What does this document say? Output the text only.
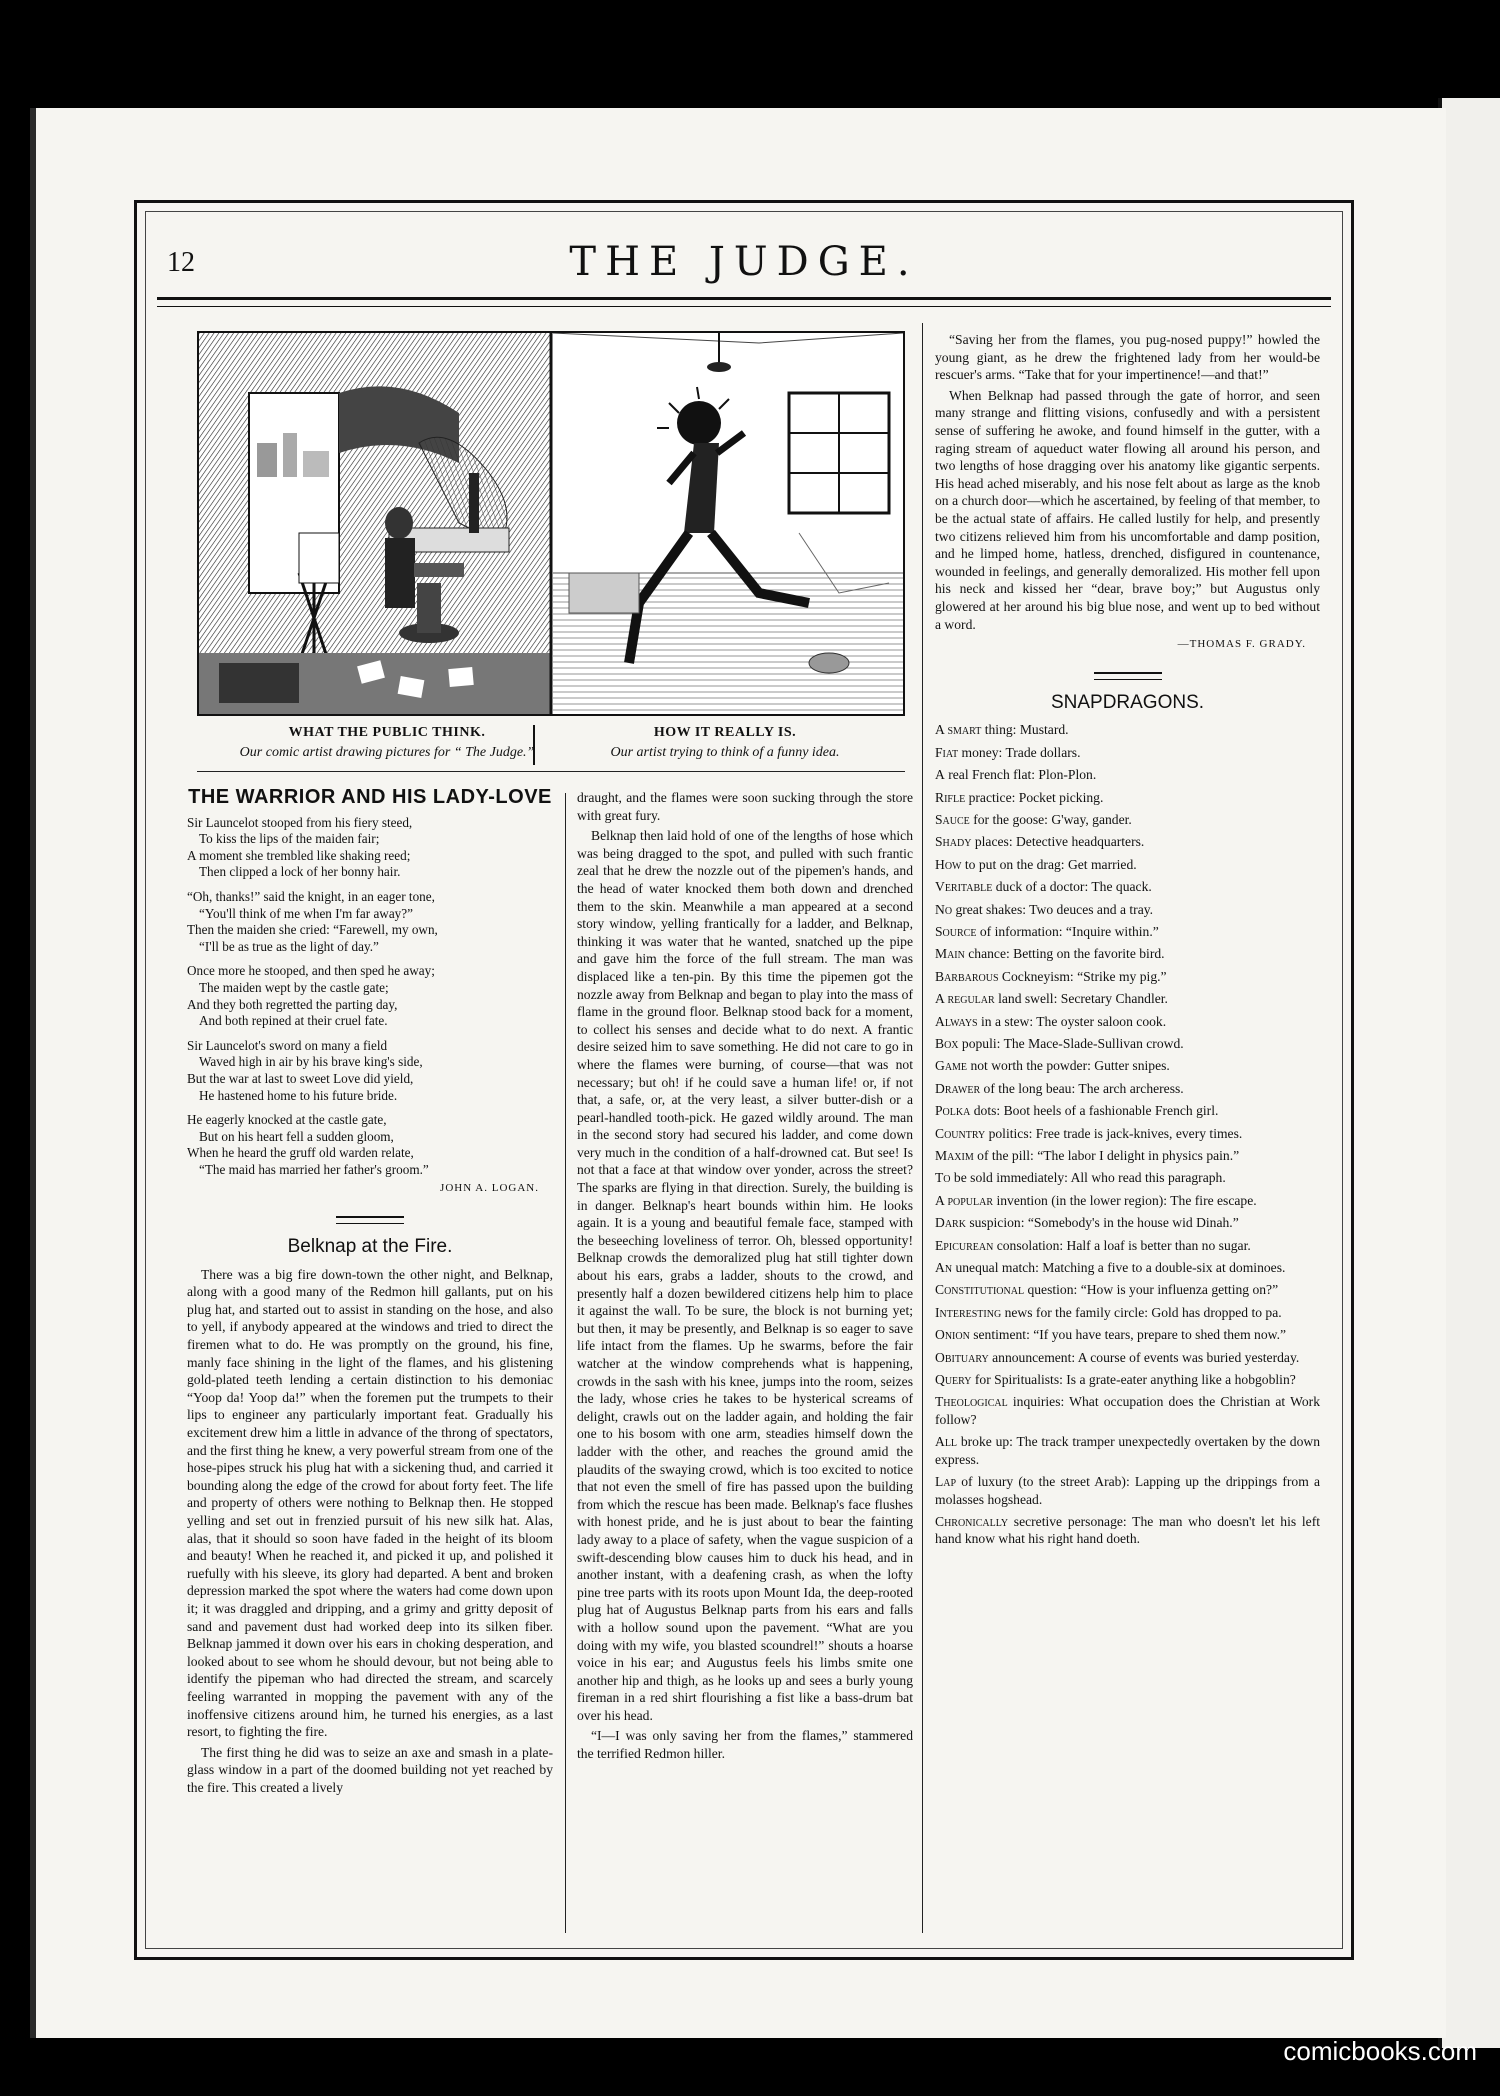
12	THE JUDGE.
WHAT THE PUBLIC THINK.
Our comic artist drawing pictures for “ The Judge.”
HOW IT REALLY IS.
Our artist trying to think of a funny idea.
THE WARRIOR AND HIS LADY-LOVE
Sir Launcelot stooped from his fiery steed,
To kiss the lips of the maiden fair;
A moment she trembled like shaking reed;
Then clipped a lock of her bonny hair.
“Oh, thanks!” said the knight, in an eager tone,
“You'll think of me when I'm far away?”
Then the maiden she cried: “Farewell, my own,
“I'll be as true as the light of day.”
Once more he stooped, and then sped he away;
The maiden wept by the castle gate;
And they both regretted the parting day,
And both repined at their cruel fate.
Sir Launcelot's sword on many a field
Waved high in air by his brave king's side,
But the war at last to sweet Love did yield,
He hastened home to his future bride.
He eagerly knocked at the castle gate,
But on his heart fell a sudden gloom,
When he heard the gruff old warden relate,
“The maid has married her father's groom.”
JOHN A. LOGAN.
Belknap at the Fire.

There was a big fire down-town the other night, and Belknap, along with a good many of the Redmon hill gallants, put on his plug hat, and started out to assist in standing on the hose, and also to yell, if anybody appeared at the windows and tried to direct the firemen what to do. He was promptly on the ground, his fine, manly face shining in the light of the flames, and his glistening gold-plated teeth lending a certain distinction to his demoniac “Yoop da! Yoop da!” when the foremen put the trumpets to their lips to engineer any particularly important feat. Gradually his excitement drew him a little in advance of the throng of spectators, and the first thing he knew, a very powerful stream from one of the hose-pipes struck his plug hat with a sickening thud, and carried it bounding along the edge of the crowd for about forty feet. The life and property of others were nothing to Belknap then. He stopped yelling and set out in frenzied pursuit of his new silk hat. Alas, alas, that it should so soon have faded in the height of its bloom and beauty! When he reached it, and picked it up, and polished it ruefully with his sleeve, its glory had departed. A bent and broken depression marked the spot where the waters had come down upon it; it was draggled and dripping, and a grimy and gritty deposit of sand and pavement dust had worked deep into its silken fiber. Belknap jammed it down over his ears in choking desperation, and looked about to see whom he should devour, but not being able to identify the pipeman who had directed the stream, and scarcely feeling warranted in mopping the pavement with any of the inoffensive citizens around him, he turned his energies, as a last resort, to fighting the fire.

The first thing he did was to seize an axe and smash in a plate-glass window in a part of the doomed building not yet reached by the fire. This created a lively

draught, and the flames were soon sucking through the store with great fury.

Belknap then laid hold of one of the lengths of hose which was being dragged to the spot, and pulled with such frantic zeal that he drew the nozzle out of the pipemen's hands, and the head of water knocked them both down and drenched them to the skin. Meanwhile a man appeared at a second story window, yelling frantically for a ladder, and Belknap, thinking it was water that he wanted, snatched up the pipe and gave him the force of the full stream. The man was displaced like a ten-pin. By this time the pipemen got the nozzle away from Belknap and began to play into the mass of flame in the ground floor. Belknap stood back for a moment, to collect his senses and decide what to do next. A frantic desire seized him to save something. He did not care to go in where the flames were burning, of course—that was not necessary; but oh! if he could save a human life! or, if not that, a safe, or, at the very least, a silver butter-dish or a pearl-handled tooth-pick. He gazed wildly around. The man in the second story had secured his ladder, and come down very much in the condition of a half-drowned cat. But see! Is not that a face at that window over yonder, across the street? The sparks are flying in that direction. Surely, the building is in danger. Belknap's heart bounds within him. He looks again. It is a young and beautiful female face, stamped with the beseeching loveliness of terror. Oh, blessed opportunity! Belknap crowds the demoralized plug hat still tighter down about his ears, grabs a ladder, shouts to the crowd, and presently half a dozen bewildered citizens help him to place it against the wall. To be sure, the block is not burning yet; but then, it may be presently, and Belknap is so eager to save life intact from the flames. Up he swarms, before the fair watcher at the window comprehends what is happening, crowds in the sash with his knee, jumps into the room, seizes the lady, whose cries he takes to be hysterical screams of delight, crawls out on the ladder again, and holding the fair one to his bosom with one arm, steadies himself down the ladder with the other, and reaches the ground amid the plaudits of the swaying crowd, which is too excited to notice that not even the smell of fire has passed upon the building from which the rescue has been made. Belknap's face flushes with honest pride, and he is just about to bear the fainting lady away to a place of safety, when the vague suspicion of a swift-descending blow causes him to duck his head, and in another instant, with a deafening crash, as when the lofty pine tree parts with its roots upon Mount Ida, the deep-rooted plug hat of Augustus Belknap parts from his ears and falls with a hollow sound upon the pavement. “What are you doing with my wife, you blasted scoundrel!” shouts a hoarse voice in his ear; and Augustus feels his limbs smite one another hip and thigh, as he looks up and sees a burly young fireman in a red shirt flourishing a fist like a bass-drum bat over his head.

“I—I was only saving her from the flames,” stammered the terrified Redmon hiller.

“Saving her from the flames, you pug-nosed puppy!” howled the young giant, as he drew the frightened lady from her would-be rescuer's arms. “Take that for your impertinence!—and that!”

When Belknap had passed through the gate of horror, and seen many strange and flitting visions, confusedly and with a persistent sense of suffering he awoke, and found himself in the gutter, with a raging stream of aqueduct water flowing all around his person, and two lengths of hose dragging over his anatomy like gigantic serpents. His head ached miserably, and his nose felt about as large as the knob on a church door—which he ascertained, by feeling of that member, to be the actual state of affairs. He called lustily for help, and presently two citizens relieved him from his uncomfortable and damp position, and he limped home, hatless, drenched, disfigured in countenance, wounded in feelings, and generally demoralized. His mother fell upon his neck and kissed her “dear, brave boy;” but Augustus only glowered at her around his big blue nose, and went up to bed without a word.

—THOMAS F. GRADY.
SNAPDRAGONS.
A smart thing: Mustard.
Fiat money: Trade dollars.
A real French flat: Plon-Plon.
Rifle practice: Pocket picking.
Sauce for the goose: G'way, gander.
Shady places: Detective headquarters.
How to put on the drag: Get married.
Veritable duck of a doctor: The quack.
No great shakes: Two deuces and a tray.
Source of information: “Inquire within.”
Main chance: Betting on the favorite bird.
Barbarous Cockneyism: “Strike my pig.”
A regular land swell: Secretary Chandler.
Always in a stew: The oyster saloon cook.
Box populi: The Mace-Slade-Sullivan crowd.
Game not worth the powder: Gutter snipes.
Drawer of the long beau: The arch archeress.
Polka dots: Boot heels of a fashionable French girl.
Country politics: Free trade is jack-knives, every times.
Maxim of the pill: “The labor I delight in physics pain.”
To be sold immediately: All who read this paragraph.
A popular invention (in the lower region): The fire escape.
Dark suspicion: “Somebody's in the house wid Dinah.”
Epicurean consolation: Half a loaf is better than no sugar.
An unequal match: Matching a five to a double-six at dominoes.
Constitutional question: “How is your influenza getting on?”
Interesting news for the family circle: Gold has dropped to pa.
Onion sentiment: “If you have tears, prepare to shed them now.”
Obituary announcement: A course of events was buried yesterday.
Query for Spiritualists: Is a grate-eater anything like a hobgoblin?
Theological inquiries: What occupation does the Christian at Work follow?
All broke up: The track tramper unexpectedly overtaken by the down express.
Lap of luxury (to the street Arab): Lapping up the drippings from a molasses hogshead.
Chronically secretive personage: The man who doesn't let his left hand know what his right hand doeth.
comicbooks.com
